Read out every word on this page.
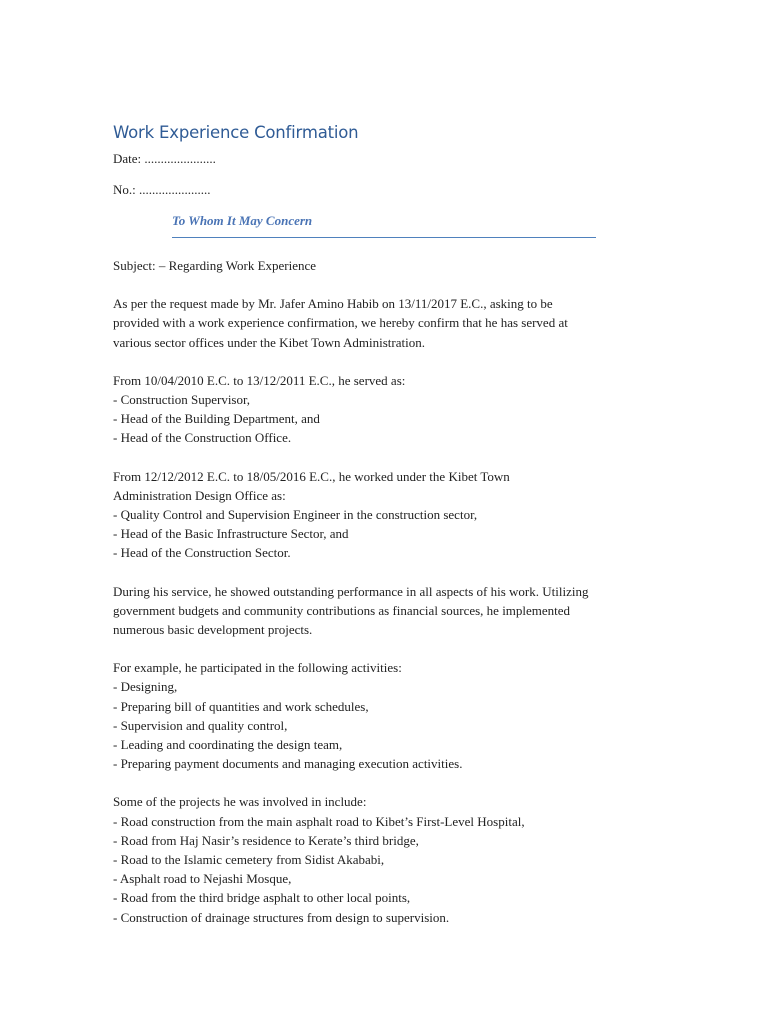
Work Experience Confirmation
Date: ......................
No.: ......................
To Whom It May Concern

Subject: – Regarding Work Experience

As per the request made by Mr. Jafer Amino Habib on 13/11/2017 E.C., asking to be
provided with a work experience confirmation, we hereby confirm that he has served at
various sector offices under the Kibet Town Administration.

From 10/04/2010 E.C. to 13/12/2011 E.C., he served as:
- Construction Supervisor,
- Head of the Building Department, and
- Head of the Construction Office.

From 12/12/2012 E.C. to 18/05/2016 E.C., he worked under the Kibet Town
Administration Design Office as:
- Quality Control and Supervision Engineer in the construction sector,
- Head of the Basic Infrastructure Sector, and
- Head of the Construction Sector.

During his service, he showed outstanding performance in all aspects of his work. Utilizing
government budgets and community contributions as financial sources, he implemented
numerous basic development projects.

For example, he participated in the following activities:
- Designing,
- Preparing bill of quantities and work schedules,
- Supervision and quality control,
- Leading and coordinating the design team,
- Preparing payment documents and managing execution activities.

Some of the projects he was involved in include:
- Road construction from the main asphalt road to Kibet’s First-Level Hospital,
- Road from Haj Nasir’s residence to Kerate’s third bridge,
- Road to the Islamic cemetery from Sidist Akababi,
- Asphalt road to Nejashi Mosque,
- Road from the third bridge asphalt to other local points,
- Construction of drainage structures from design to supervision.
